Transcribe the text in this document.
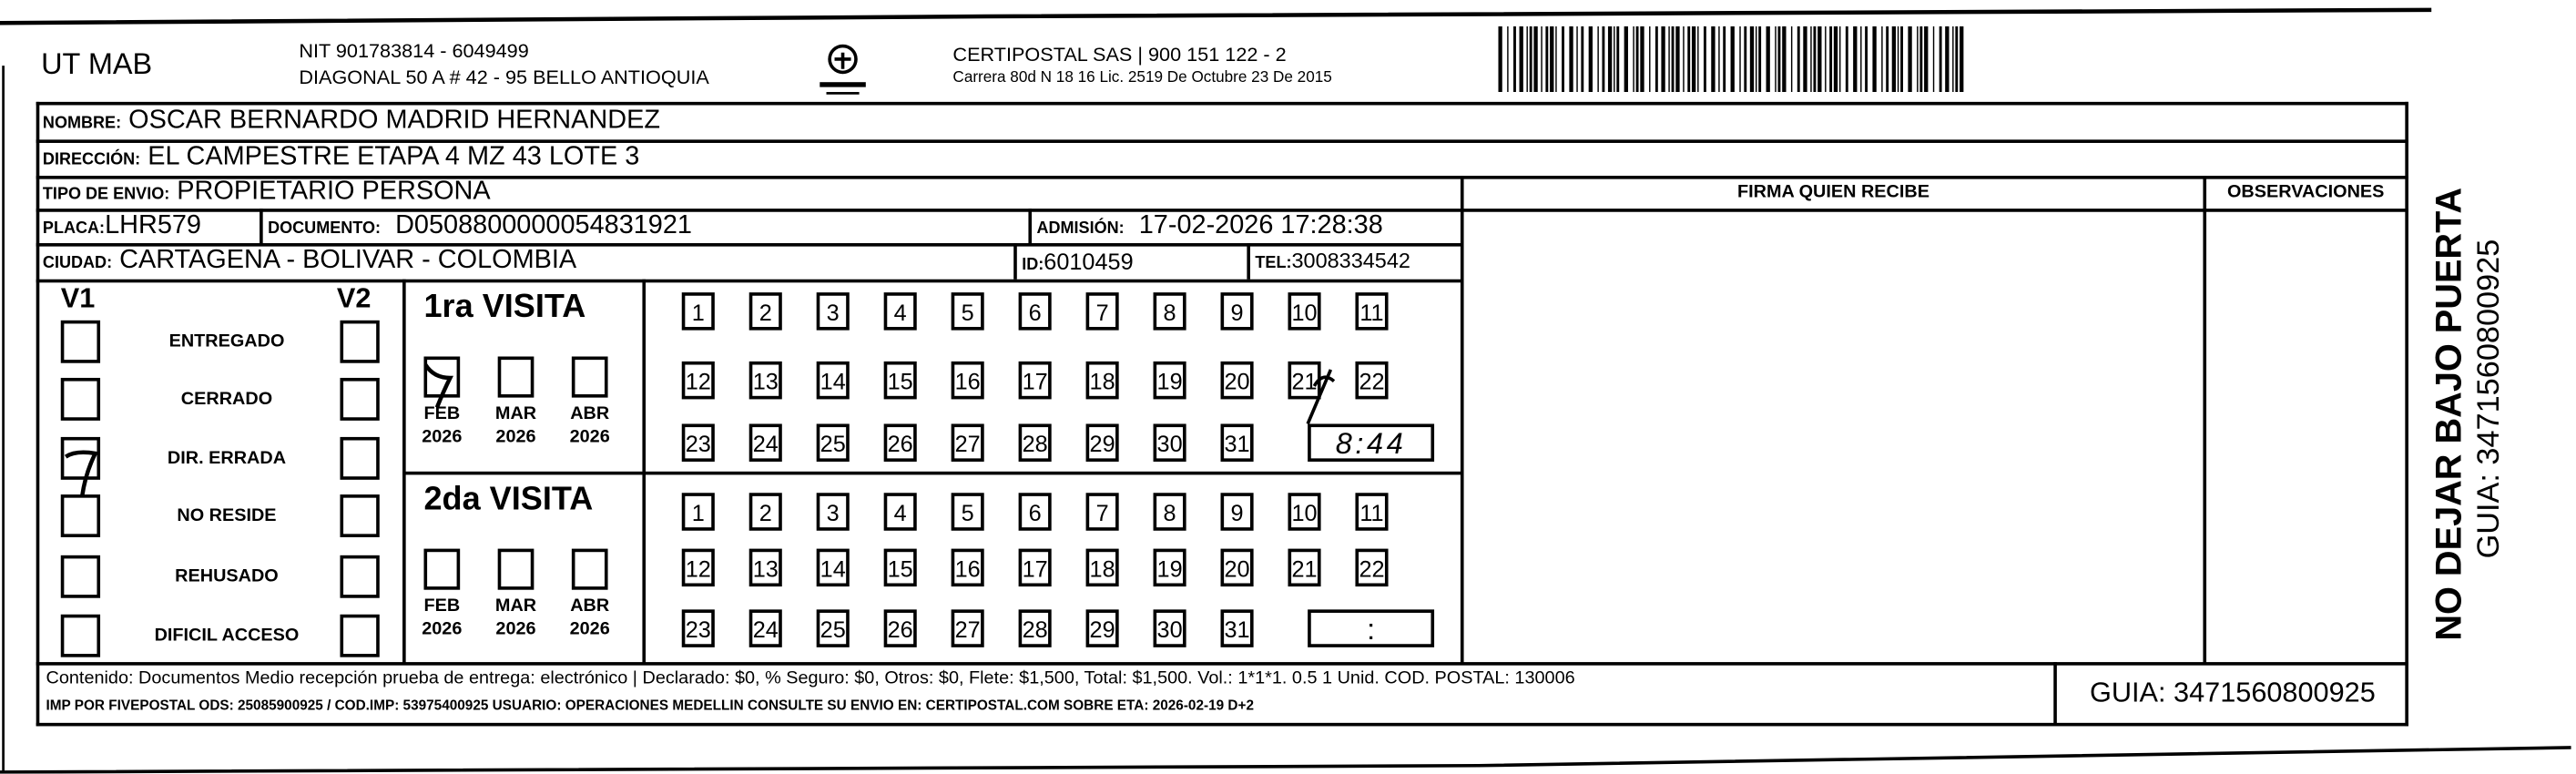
UT MAB	NIT 901783814 - 6049499
DIAGONAL 50 A # 42 - 95 BELLO ANTIOQUIA
CERTIPOSTAL SAS | 900 151 122 - 2
Carrera 80d N 18 16 Lic. 2519 De Octubre 23 De 2015
NOMBRE: OSCAR BERNARDO MADRID HERNANDEZ
DIRECCIÓN: EL CAMPESTRE ETAPA 4 MZ 43 LOTE 3
TIPO DE ENVIO: PROPIETARIO PERSONA
PLACA:LHR579	DOCUMENTO: D0508800000054831921	ADMISIÓN: 17-02-2026 17:28:38
CIUDAD: CARTAGENA - BOLIVAR - COLOMBIA	ID:6010459	TEL:3008334542
FIRMA QUIEN RECIBE	OBSERVACIONES
V1	V2
Contenido: Documentos Medio recepción prueba de entrega: electrónico | Declarado: $0, % Seguro: $0, Otros: $0, Flete: $1,500, Total: $1,500. Vol.: 1*1*1. 0.5 1 Unid. COD. POSTAL: 130006
IMP POR FIVEPOSTAL ODS: 25085900925 / COD.IMP: 53975400925 USUARIO: OPERACIONES MEDELLIN CONSULTE SU ENVIO EN: CERTIPOSTAL.COM SOBRE ETA: 2026-02-19 D+2	GUIA: 3471560800925
NO DEJAR BAJO PUERTA GUIA: 3471560800925
ENTREGADO
CERRADO
DIR. ERRADA
NO RESIDE
REHUSADO
DIFICIL ACCESO
1ra VISITA
FEB
2026
MAR
2026
ABR
2026
1	2	3	4	5	6	7	8	9	10	11
12	13	14	15	16	17	18	19	20	21	22
23	24	25	26	27	28	29	30	31	8:44
2da VISITA
FEB
2026
MAR
2026
ABR
2026
1	2	3	4	5	6	7	8	9	10	11
12	13	14	15	16	17	18	19	20	21	22
23	24	25	26	27	28	29	30	31	:
